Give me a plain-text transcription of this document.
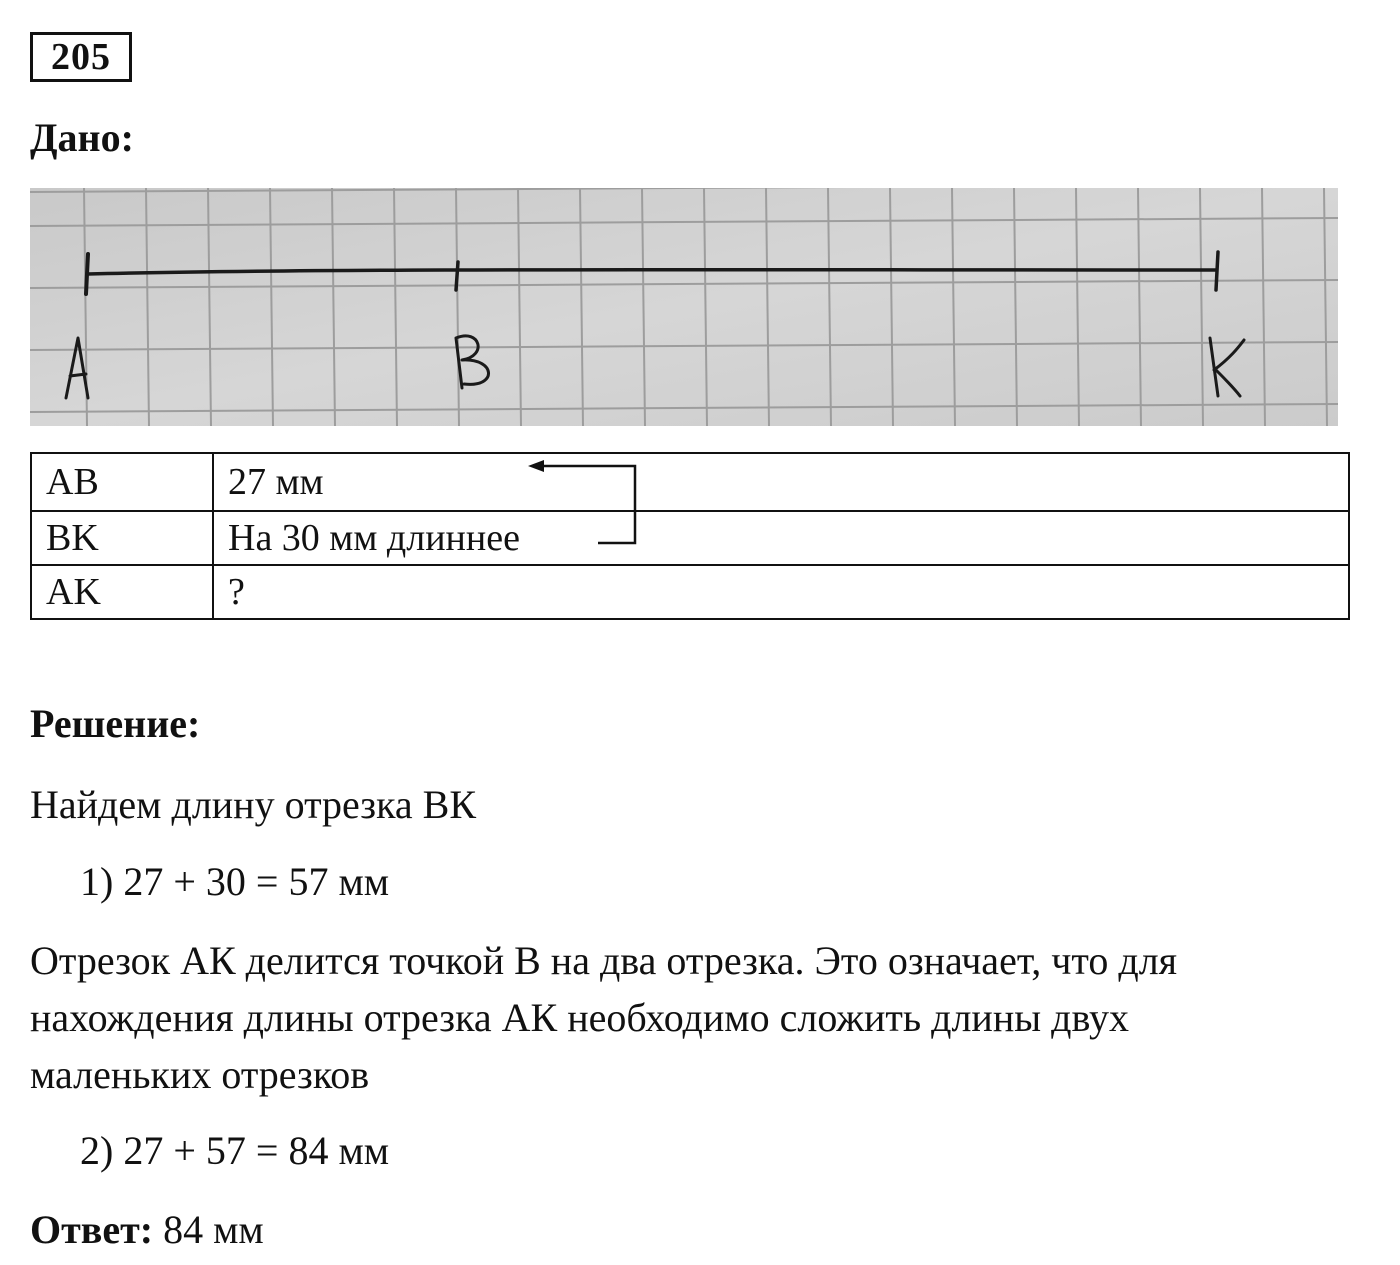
205
Дано:
AB	27 мм
BK	На 30 мм длиннее
AK	?
Решение:
Найдем длину отрезка ВК
1) 27 + 30 = 57 мм
Отрезок АК делится точкой В на два отрезка. Это означает, что для
нахождения длины отрезка АК необходимо сложить длины двух
маленьких отрезков
2) 27 + 57 = 84 мм
Ответ: 84 мм
